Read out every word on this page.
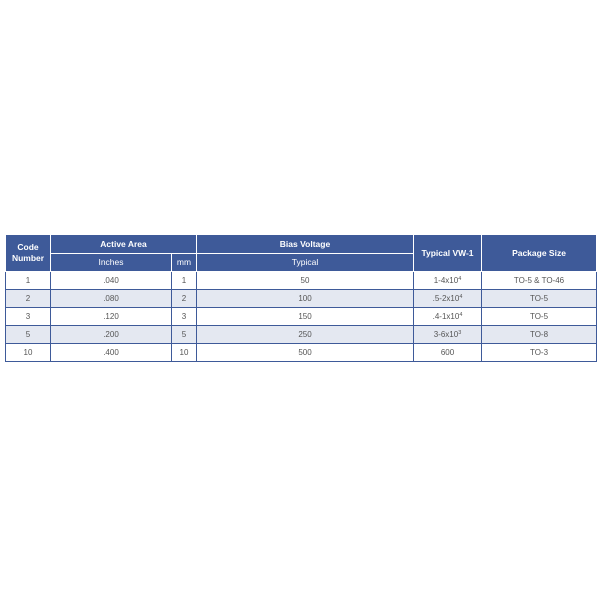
Code Number	Active Area		Bias Voltage	Typical VW-1	Package Size
	Inches	mm	Typical		
1	.040	1	50	$1-4x10^4$	TO-5 & TO-46
2	.080	2	100	$.5-2x10^4$	TO-5
3	.120	3	150	$.4-1x10^4$	TO-5
5	.200	5	250	$3-6x10^3$	TO-8
10	.400	10	500	600	TO-3
